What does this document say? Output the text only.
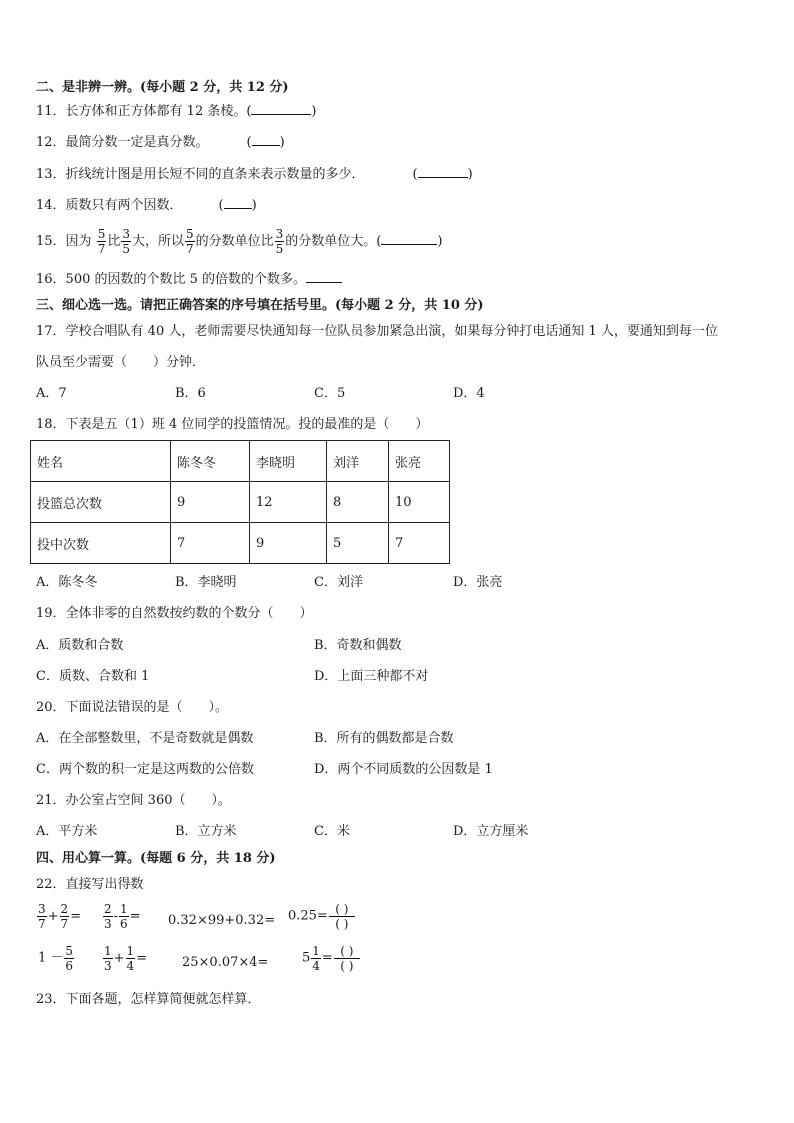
二、是非辨一辨。(每小题 2 分，共 12 分)
11．长方体和正方体都有 12 条棱。(	)
12．最简分数一定是真分数。	( )
13．折线统计图是用长短不同的直条来表示数量的多少．	(	)
14．质数只有两个因数．	( )
15．因为 $\frac{5}{7}$ 比 $\frac{3}{5}$ 大，所以 $\frac{5}{7}$ 的分数单位比 $\frac{3}{5}$ 的分数单位大。(	)
16．500 的因数的个数比 5 的倍数的个数多。
三、细心选一选。请把正确答案的序号填在括号里。(每小题 2 分，共 10 分)
17．学校合唱队有 40 人，老师需要尽快通知每一位队员参加紧急出演，如果每分钟打电话通知 1 人，要通知到每一位
队员至少需要（　　）分钟．
A．7	B．6	C．5	D．4
18．下表是五（1）班 4 位同学的投篮情况。投的最准的是（　　）
姓名	陈冬冬	李晓明	刘洋	张亮
投篮总次数	9	12	8	10
投中次数	7	9	5	7
A．陈冬冬	B．李晓明	C．刘洋	D．张亮
19．全体非零的自然数按约数的个数分（　　）
A．质数和合数	B．奇数和偶数
C．质数、合数和 1	D．上面三种都不对
20．下面说法错误的是（　　）。
A．在全部整数里，不是奇数就是偶数	B．所有的偶数都是合数
C．两个数的积一定是这两数的公倍数	D．两个不同质数的公因数是 1
21．办公室占空间 360（　　）。
A．平方米	B．立方米	C．米	D．立方厘米
四、用心算一算。(每题 6 分，共 18 分)
22．直接写出得数
$\frac{3}{7} + \frac{2}{7} = \frac{2}{3} - \frac{1}{6} = 0.32\times 99+0.32= 0.25= \frac{( )}{( )}$
$1 - \frac{5}{6} \frac{1}{3} + \frac{1}{4}$ =	25×0.07×4=	$5 \frac{1}{4} = \frac{( )}{( )}$
23．下面各题，怎样算简便就怎样算．
